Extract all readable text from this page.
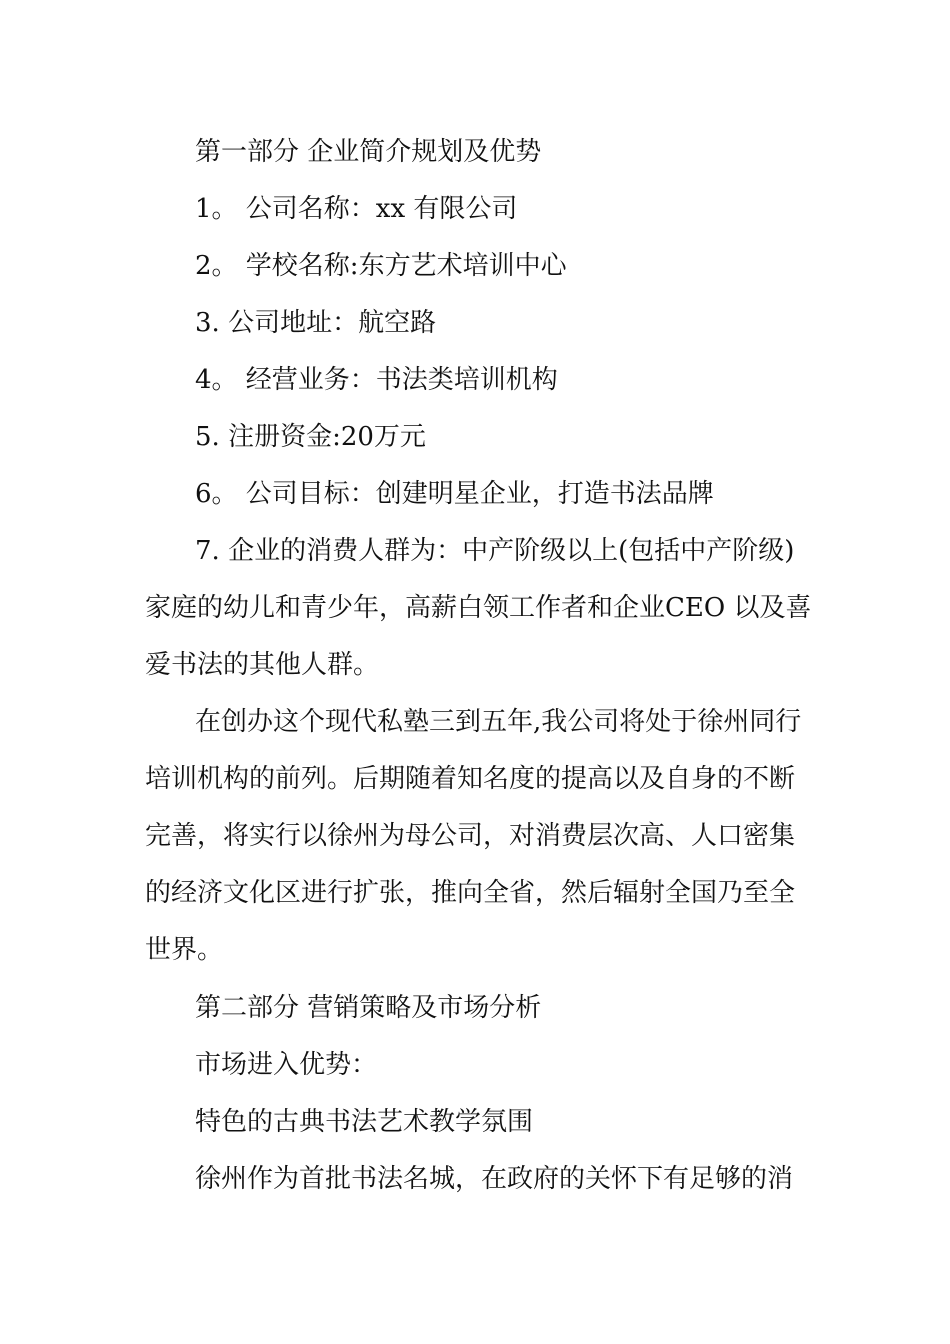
第一部分 企业简介规划及优势
1。 公司名称：xx 有限公司
2。 学校名称:东方艺术培训中心
3. 公司地址：航空路
4。 经营业务：书法类培训机构
5. 注册资金:20万元
6。 公司目标：创建明星企业，打造书法品牌
7. 企业的消费人群为：中产阶级以上(包括中产阶级)
家庭的幼儿和青少年，高薪白领工作者和企业CEO 以及喜
爱书法的其他人群。
在创办这个现代私塾三到五年,我公司将处于徐州同行
培训机构的前列。后期随着知名度的提高以及自身的不断
完善，将实行以徐州为母公司，对消费层次高、人口密集
的经济文化区进行扩张，推向全省，然后辐射全国乃至全
世界。
第二部分 营销策略及市场分析
市场进入优势：
特色的古典书法艺术教学氛围
徐州作为首批书法名城，在政府的关怀下有足够的消
